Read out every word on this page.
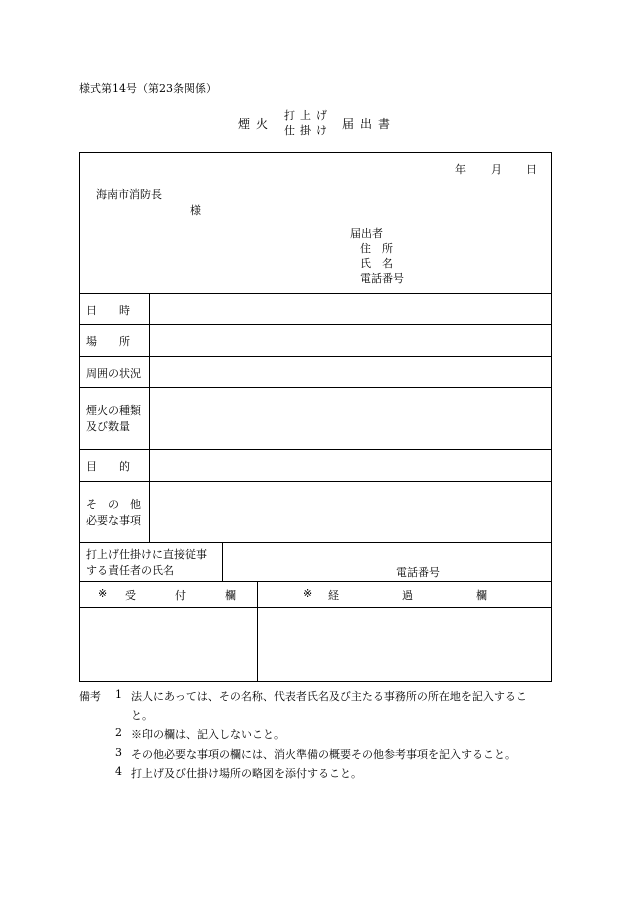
様式第14号（第23条関係）
煙火
打上げ
仕掛け 届出書
年 月 日
海南市消防長
様
届出者
住　所
氏　名
電話番号
日　　時
場　　所
周囲の状況
煙火の種類
及び数量
目　　的
そ　の　他
必要な事項
打上げ仕掛けに直接従事
する責任者の氏名	電話番号
※ 受　付　欄	※ 経　過　欄
備考 1 法人にあっては、その名称、代表者氏名及び主たる事務所の所在地を記入するこ
と。
2 ※印の欄は、記入しないこと。
3 その他必要な事項の欄には、消火準備の概要その他参考事項を記入すること。
4 打上げ及び仕掛け場所の略図を添付すること。
